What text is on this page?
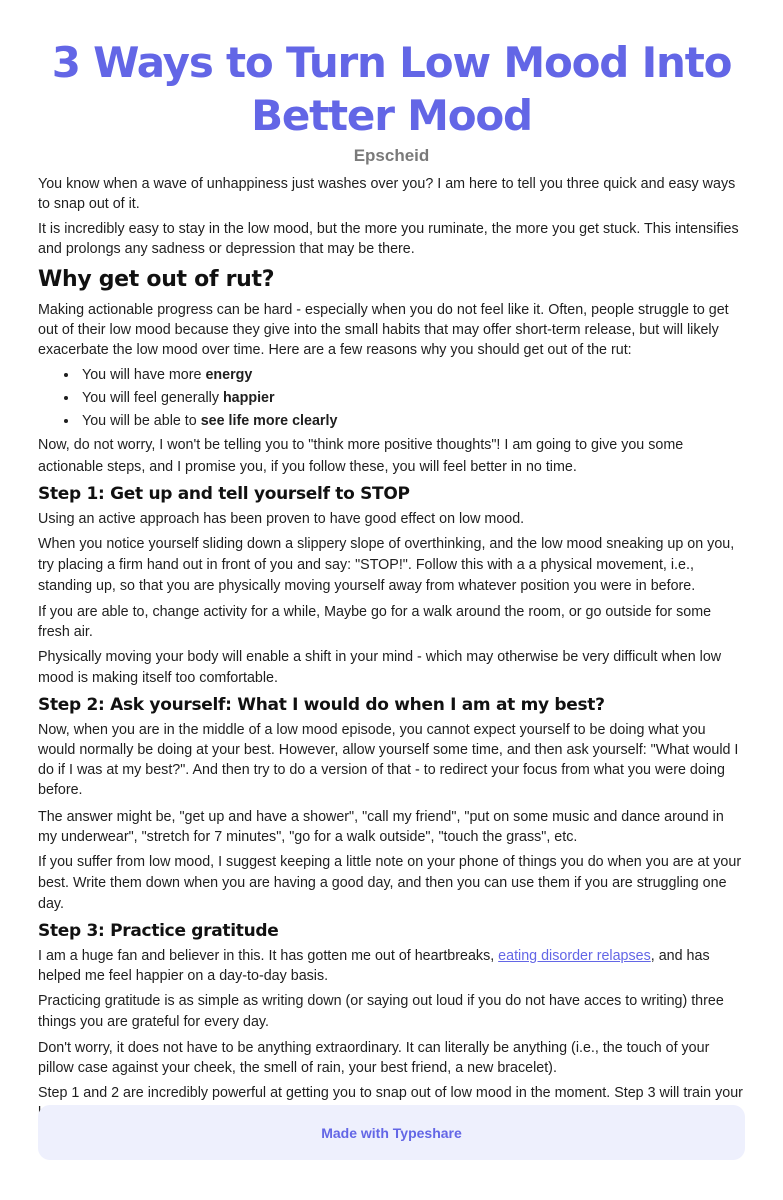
3 Ways to Turn Low Mood Into Better Mood
Epscheid

You know when a wave of unhappiness just washes over you? I am here to tell you three quick and easy ways to snap out of it.

It is incredibly easy to stay in the low mood, but the more you ruminate, the more you get stuck. This intensifies and prolongs any sadness or depression that may be there.

Why get out of rut?

Making actionable progress can be hard - especially when you do not feel like it. Often, people struggle to get out of their low mood because they give into the small habits that may offer short-term release, but will likely exacerbate the low mood over time. Here are a few reasons why you should get out of the rut:

• You will have more energy
• You will feel generally happier
• You will be able to see life more clearly

Now, do not worry, I won't be telling you to "think more positive thoughts"! I am going to give you some actionable steps, and I promise you, if you follow these, you will feel better in no time.

Step 1: Get up and tell yourself to STOP

Using an active approach has been proven to have good effect on low mood.

When you notice yourself sliding down a slippery slope of overthinking, and the low mood sneaking up on you, try placing a firm hand out in front of you and say: "STOP!". Follow this with a a physical movement, i.e., standing up, so that you are physically moving yourself away from whatever position you were in before.

If you are able to, change activity for a while, Maybe go for a walk around the room, or go outside for some fresh air.

Physically moving your body will enable a shift in your mind - which may otherwise be very difficult when low mood is making itself too comfortable.

Step 2: Ask yourself: What I would do when I am at my best?

Now, when you are in the middle of a low mood episode, you cannot expect yourself to be doing what you would normally be doing at your best. However, allow yourself some time, and then ask yourself: "What would I do if I was at my best?". And then try to do a version of that - to redirect your focus from what you were doing before.

The answer might be, "get up and have a shower", "call my friend", "put on some music and dance around in my underwear", "stretch for 7 minutes", "go for a walk outside", "touch the grass", etc.

If you suffer from low mood, I suggest keeping a little note on your phone of things you do when you are at your best. Write them down when you are having a good day, and then you can use them if you are struggling one day.

Step 3: Practice gratitude

I am a huge fan and believer in this. It has gotten me out of heartbreaks, eating disorder relapses, and has helped me feel happier on a day-to-day basis.

Practicing gratitude is as simple as writing down (or saying out loud if you do not have acces to writing) three things you are grateful for every day.

Don't worry, it does not have to be anything extraordinary. It can literally be anything (i.e., the touch of your pillow case against your cheek, the smell of rain, your best friend, a new bracelet).

Step 1 and 2 are incredibly powerful at getting you to snap out of low mood in the moment. Step 3 will train your

Made with Typeshare
